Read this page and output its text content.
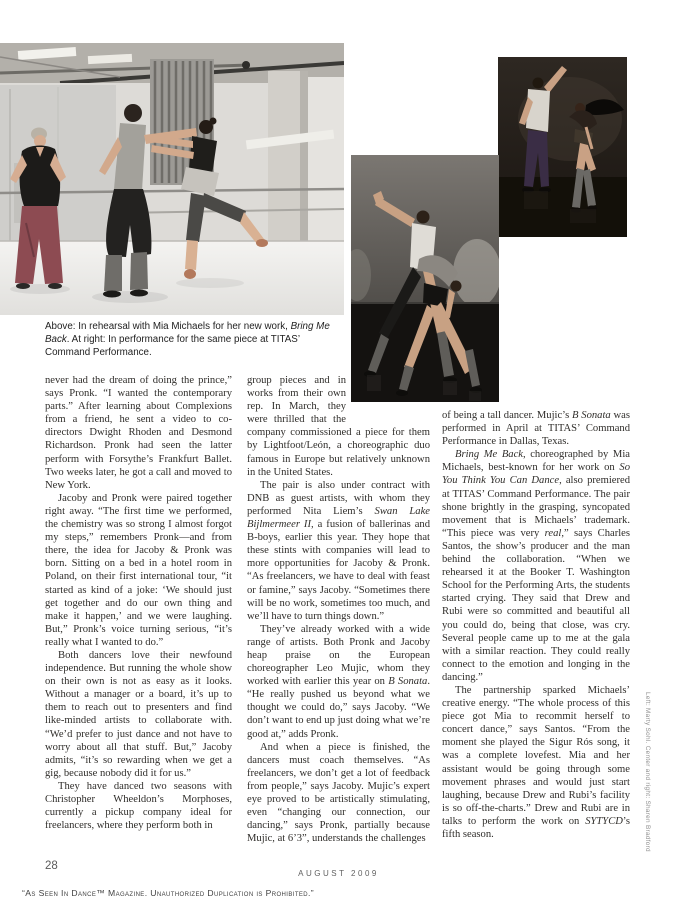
Above: In rehearsal with Mia Michaels for her new work, Bring Me Back. At right: In performance for the same piece at TITAS’ Command Performance.

never had the dream of doing the prince,” says Pronk. “I wanted the contemporary parts.” After learning about Complexions from a friend, he sent a video to co-directors Dwight Rhoden and Desmond Richardson. Pronk had seen the latter perform with Forsythe’s Frankfurt Ballet. Two weeks later, he got a call and moved to New York.

Jacoby and Pronk were paired together right away. “The first time we performed, the chemistry was so strong I almost forgot my steps,” remembers Pronk—and from there, the idea for Jacoby & Pronk was born. Sitting on a bed in a hotel room in Poland, on their first international tour, “it started as kind of a joke: ‘We should just get together and do our own thing and make it happen,’ and we were laughing. But,” Pronk’s voice turning serious, “it’s really what I wanted to do.”

Both dancers love their newfound independence. But running the whole show on their own is not as easy as it looks. Without a manager or a board, it’s up to them to reach out to presenters and find like-minded artists to collaborate with. “We’d prefer to just dance and not have to worry about all that stuff. But,” Jacoby admits, “it’s so rewarding when we get a gig, because nobody did it for us.”

They have danced two seasons with Christopher Wheeldon’s Morphoses, currently a pickup company ideal for freelancers, where they perform both in

group pieces and in works from their own rep. In March, they were thrilled that the company commissioned a piece for them by Lightfoot/León, a choreographic duo famous in Europe but relatively unknown in the United States.

The pair is also under contract with DNB as guest artists, with whom they performed Nita Liem’s Swan Lake Bijlmermeer II, a fusion of ballerinas and B-boys, earlier this year. They hope that these stints with companies will lead to more opportunities for Jacoby & Pronk. “As freelancers, we have to deal with feast or famine,” says Jacoby. “Sometimes there will be no work, sometimes too much, and we’ll have to turn things down.”

They’ve already worked with a wide range of artists. Both Pronk and Jacoby heap praise on the European choreographer Leo Mujic, whom they worked with earlier this year on B Sonata. “He really pushed us beyond what we thought we could do,” says Jacoby. “We don’t want to end up just doing what we’re good at,” adds Pronk.

And when a piece is finished, the dancers must coach themselves. “As freelancers, we don’t get a lot of feedback from people,” says Jacoby. Mujic’s expert eye proved to be artistically stimulating, even “changing our connection, our dancing,” says Pronk, partially because Mujic, at 6’3”, understands the challenges

of being a tall dancer. Mujic’s B Sonata was performed in April at TITAS’ Command Performance in Dallas, Texas.

Bring Me Back, choreographed by Mia Michaels, best-known for her work on So You Think You Can Dance, also premiered at TITAS’ Command Performance. The pair shone brightly in the grasping, syncopated movement that is Michaels’ trademark. “This piece was very real,” says Charles Santos, the show’s producer and the man behind the collaboration. “When we rehearsed it at the Booker T. Washington School for the Performing Arts, the students started crying. They said that Drew and Rubi were so committed and beautiful all you could do, being that close, was cry. Several people came up to me at the gala with a similar reaction. They could really connect to the emotion and longing in the dancing.”

The partnership sparked Michaels’ creative energy. “The whole process of this piece got Mia to recommit herself to concert dance,” says Santos. “From the moment she played the Sigur Rós song, it was a complete lovefest. Mia and her assistant would be going through some movement phrases and would just start laughing, because Drew and Rubi’s facility is so off-the-charts.” Drew and Rubi are in talks to perform the work on SYTYCD’s fifth season.

28
AUGUST 2009
“As Seen In Dance™ Magazine. Unauthorized Duplication is Prohibited.”
Left: Marty Sohl. Center and right: Sharen Bradford
